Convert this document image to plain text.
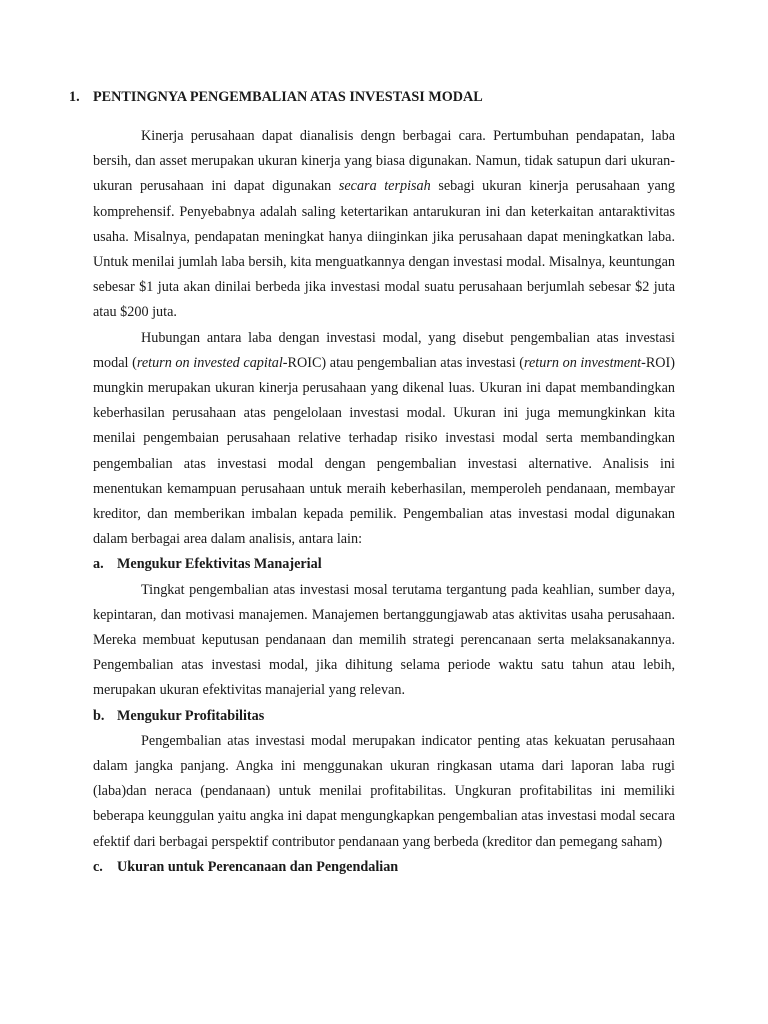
1. PENTINGNYA PENGEMBALIAN ATAS INVESTASI MODAL

Kinerja perusahaan dapat dianalisis dengn berbagai cara. Pertumbuhan pendapatan, laba bersih, dan asset merupakan ukuran kinerja yang biasa digunakan. Namun, tidak satupun dari ukuran-ukuran perusahaan ini dapat digunakan secara terpisah sebagi ukuran kinerja perusahaan yang komprehensif. Penyebabnya adalah saling ketertarikan antarukuran ini dan keterkaitan antaraktivitas usaha. Misalnya, pendapatan meningkat hanya diinginkan jika perusahaan dapat meningkatkan laba. Untuk menilai jumlah laba bersih, kita menguatkannya dengan investasi modal. Misalnya, keuntungan sebesar $1 juta akan dinilai berbeda jika investasi modal suatu perusahaan berjumlah sebesar $2 juta atau $200 juta.

Hubungan antara laba dengan investasi modal, yang disebut pengembalian atas investasi modal (return on invested capital-ROIC) atau pengembalian atas investasi (return on investment-ROI) mungkin merupakan ukuran kinerja perusahaan yang dikenal luas. Ukuran ini dapat membandingkan keberhasilan perusahaan atas pengelolaan investasi modal. Ukuran ini juga memungkinkan kita menilai pengembaian perusahaan relative terhadap risiko investasi modal serta membandingkan pengembalian atas investasi modal dengan pengembalian investasi alternative. Analisis ini menentukan kemampuan perusahaan untuk meraih keberhasilan, memperoleh pendanaan, membayar kreditor, dan memberikan imbalan kepada pemilik. Pengembalian atas investasi modal digunakan dalam berbagai area dalam analisis, antara lain:

a. Mengukur Efektivitas Manajerial

Tingkat pengembalian atas investasi mosal terutama tergantung pada keahlian, sumber daya, kepintaran, dan motivasi manajemen. Manajemen bertanggungjawab atas aktivitas usaha perusahaan. Mereka membuat keputusan pendanaan dan memilih strategi perencanaan serta melaksanakannya. Pengembalian atas investasi modal, jika dihitung selama periode waktu satu tahun atau lebih, merupakan ukuran efektivitas manajerial yang relevan.

b. Mengukur Profitabilitas

Pengembalian atas investasi modal merupakan indicator penting atas kekuatan perusahaan dalam jangka panjang. Angka ini menggunakan ukuran ringkasan utama dari laporan laba rugi (laba)dan neraca (pendanaan) untuk menilai profitabilitas. Ungkuran profitabilitas ini memiliki beberapa keunggulan yaitu angka ini dapat mengungkapkan pengembalian atas investasi modal secara efektif dari berbagai perspektif contributor pendanaan yang berbeda (kreditor dan pemegang saham)

c. Ukuran untuk Perencanaan dan Pengendalian
